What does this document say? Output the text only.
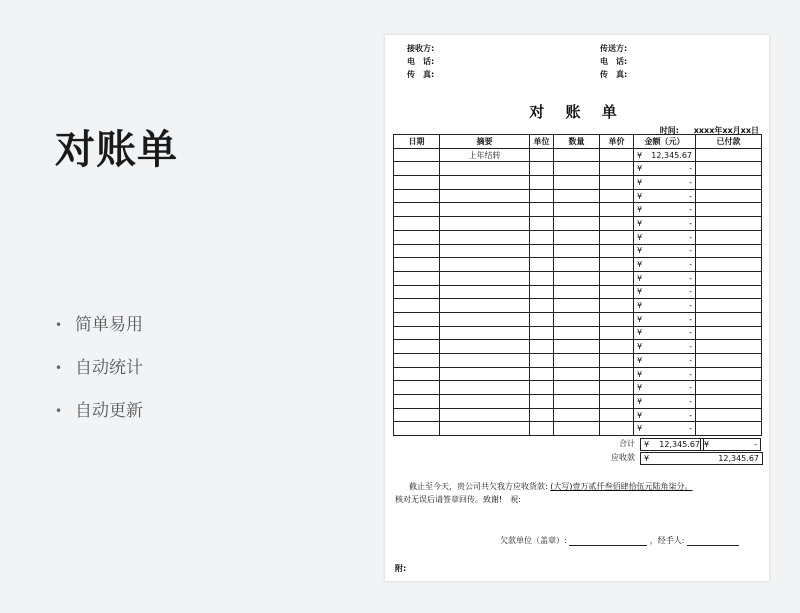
对账单
• 简单易用
• 自动统计
• 自动更新
接收方:
电　话:
传　真:
传送方:
电　话:
传　真:
对 账 单
时间: xxxx年xx月xx日
日期	摘要	单位	数量	单价	金额（元）	已付款
	上年结转				¥ 12,345.67	

					¥ -	

					¥ -	

					¥ -	

					¥ -	

					¥ -	

					¥ -	

					¥ -	

					¥ -	

					¥ -	

					¥ -	

					¥ -	

					¥ -	

					¥ -	

					¥ -	

					¥ -	

					¥ -	

					¥ -	

					¥ -	

					¥ -	

					¥ -	

合计 ¥ 12,345.67 ¥	-
应收款 ¥	12,345.67
截止至今天，贵公司共欠我方应收货款: (大写)壹万贰仟叁佰肆拾伍元陆角柒分。
核对无误后请签章回传。致谢!　祝:
欠款单位（盖章）:	，经手人:
附:
